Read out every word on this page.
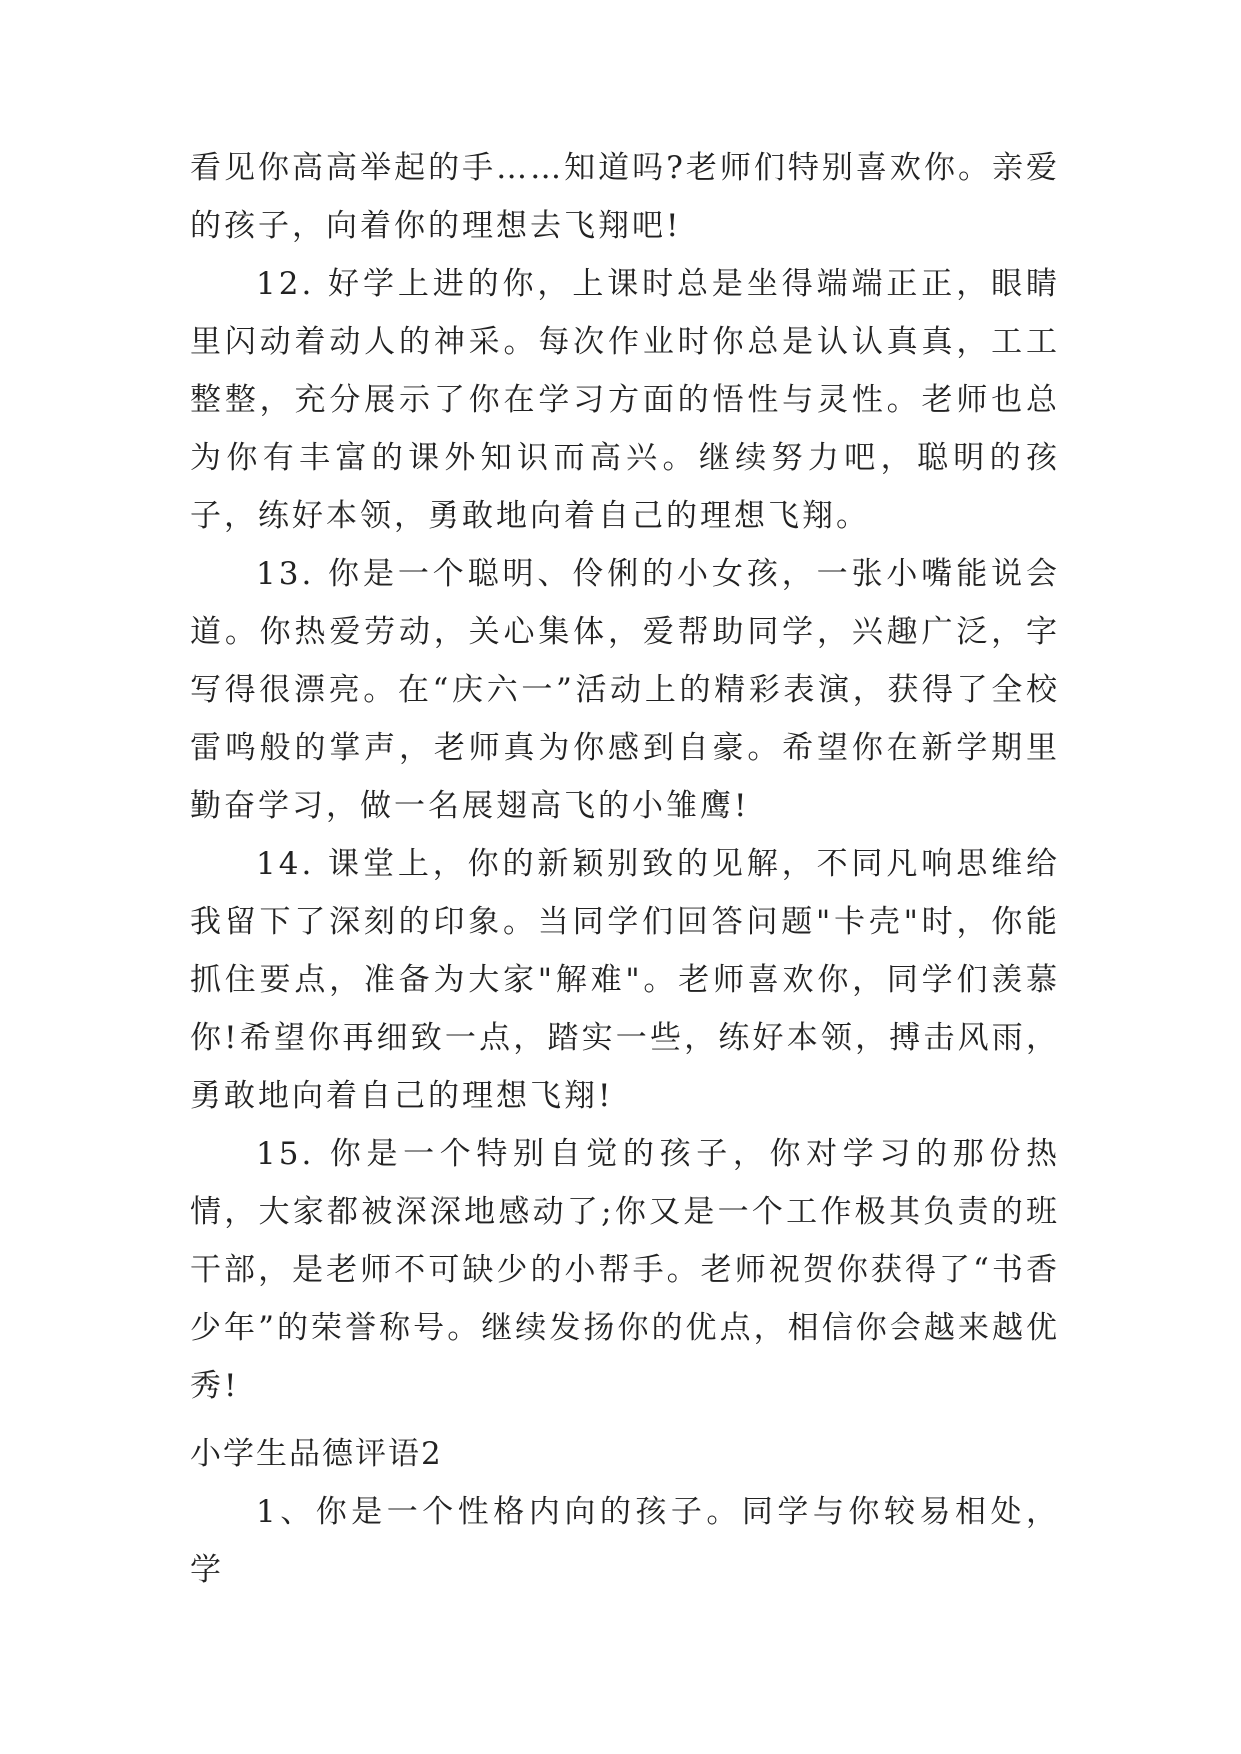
看见你高高举起的手……知道吗?老师们特别喜欢你。亲爱的孩子，向着你的理想去飞翔吧!

12. 好学上进的你，上课时总是坐得端端正正，眼睛里闪动着动人的神采。每次作业时你总是认认真真，工工整整，充分展示了你在学习方面的悟性与灵性。老师也总为你有丰富的课外知识而高兴。继续努力吧，聪明的孩子，练好本领，勇敢地向着自己的理想飞翔。

13. 你是一个聪明、伶俐的小女孩，一张小嘴能说会道。你热爱劳动，关心集体，爱帮助同学，兴趣广泛，字写得很漂亮。在“庆六一”活动上的精彩表演，获得了全校雷鸣般的掌声，老师真为你感到自豪。希望你在新学期里勤奋学习，做一名展翅高飞的小雏鹰!

14. 课堂上，你的新颖别致的见解，不同凡响思维给我留下了深刻的印象。当同学们回答问题"卡壳"时，你能抓住要点，准备为大家"解难"。老师喜欢你，同学们羡慕你!希望你再细致一点，踏实一些，练好本领，搏击风雨，勇敢地向着自己的理想飞翔!

15. 你是一个特别自觉的孩子，你对学习的那份热情，大家都被深深地感动了;你又是一个工作极其负责的班干部，是老师不可缺少的小帮手。老师祝贺你获得了“书香少年”的荣誉称号。继续发扬你的优点，相信你会越来越优秀!

小学生品德评语2

1、你是一个性格内向的孩子。同学与你较易相处，学
